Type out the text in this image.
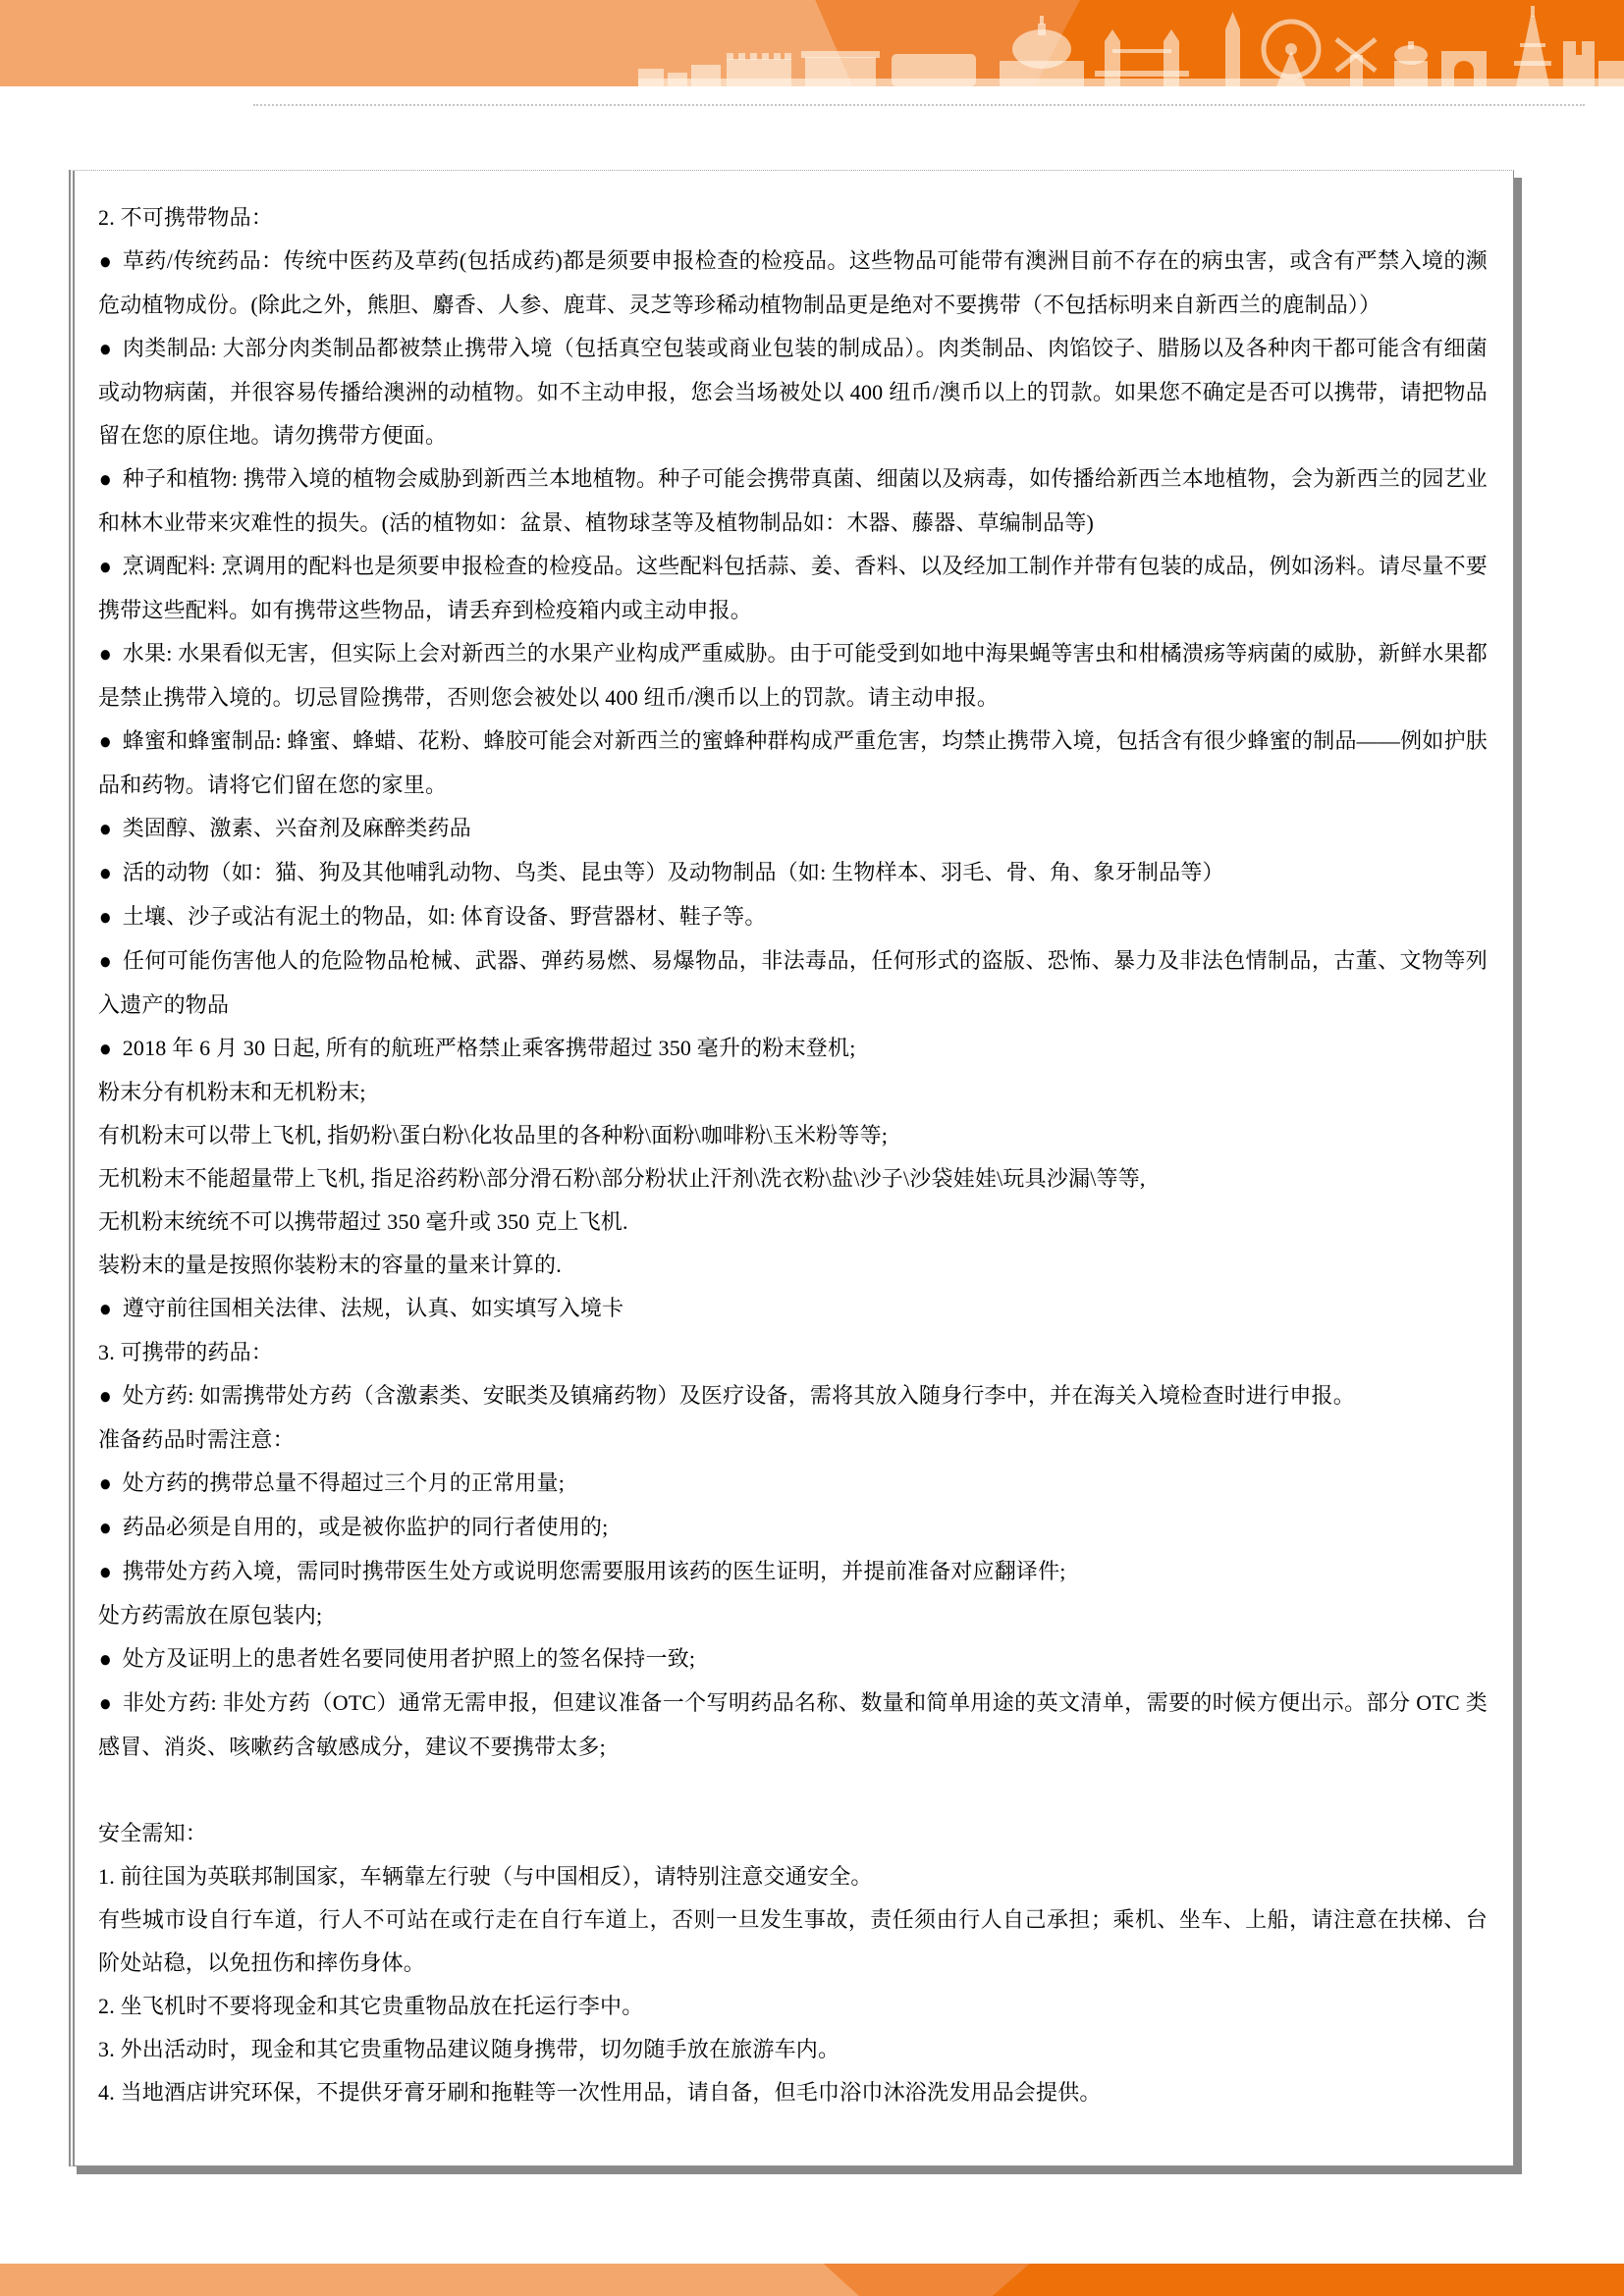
2. 不可携带物品：

● 草药/传统药品：传统中医药及草药(包括成药)都是须要申报检查的检疫品。这些物品可能带有澳洲目前不存在的病虫害，或含有严禁入境的濒危动植物成份。(除此之外，熊胆、麝香、人参、鹿茸、灵芝等珍稀动植物制品更是绝对不要携带（不包括标明来自新西兰的鹿制品））

● 肉类制品: 大部分肉类制品都被禁止携带入境（包括真空包装或商业包装的制成品）。肉类制品、肉馅饺子、腊肠以及各种肉干都可能含有细菌或动物病菌，并很容易传播给澳洲的动植物。如不主动申报，您会当场被处以 400 纽币/澳币以上的罚款。如果您不确定是否可以携带，请把物品留在您的原住地。请勿携带方便面。

● 种子和植物: 携带入境的植物会威胁到新西兰本地植物。种子可能会携带真菌、细菌以及病毒，如传播给新西兰本地植物，会为新西兰的园艺业和林木业带来灾难性的损失。(活的植物如：盆景、植物球茎等及植物制品如：木器、藤器、草编制品等)

● 烹调配料: 烹调用的配料也是须要申报检查的检疫品。这些配料包括蒜、姜、香料、以及经加工制作并带有包装的成品，例如汤料。请尽量不要携带这些配料。如有携带这些物品，请丢弃到检疫箱内或主动申报。

● 水果: 水果看似无害，但实际上会对新西兰的水果产业构成严重威胁。由于可能受到如地中海果蝇等害虫和柑橘溃疡等病菌的威胁，新鲜水果都是禁止携带入境的。切忌冒险携带，否则您会被处以 400 纽币/澳币以上的罚款。请主动申报。

● 蜂蜜和蜂蜜制品: 蜂蜜、蜂蜡、花粉、蜂胶可能会对新西兰的蜜蜂种群构成严重危害，均禁止携带入境，包括含有很少蜂蜜的制品——例如护肤品和药物。请将它们留在您的家里。

● 类固醇、激素、兴奋剂及麻醉类药品

● 活的动物（如：猫、狗及其他哺乳动物、鸟类、昆虫等）及动物制品（如: 生物样本、羽毛、骨、角、象牙制品等）

● 土壤、沙子或沾有泥土的物品，如: 体育设备、野营器材、鞋子等。

● 任何可能伤害他人的危险物品枪械、武器、弹药易燃、易爆物品，非法毒品，任何形式的盗版、恐怖、暴力及非法色情制品，古董、文物等列入遗产的物品

● 2018 年 6 月 30 日起, 所有的航班严格禁止乘客携带超过 350 毫升的粉末登机;

粉末分有机粉末和无机粉末;

有机粉末可以带上飞机, 指奶粉\蛋白粉\化妆品里的各种粉\面粉\咖啡粉\玉米粉等等;

无机粉末不能超量带上飞机, 指足浴药粉\部分滑石粉\部分粉状止汗剂\洗衣粉\盐\沙子\沙袋娃娃\玩具沙漏\等等,

无机粉末统统不可以携带超过 350 毫升或 350 克上飞机.

装粉末的量是按照你装粉末的容量的量来计算的.

● 遵守前往国相关法律、法规，认真、如实填写入境卡

3. 可携带的药品：

● 处方药: 如需携带处方药（含激素类、安眠类及镇痛药物）及医疗设备，需将其放入随身行李中，并在海关入境检查时进行申报。

准备药品时需注意：

● 处方药的携带总量不得超过三个月的正常用量;

● 药品必须是自用的，或是被你监护的同行者使用的;

● 携带处方药入境，需同时携带医生处方或说明您需要服用该药的医生证明，并提前准备对应翻译件;

处方药需放在原包装内;

● 处方及证明上的患者姓名要同使用者护照上的签名保持一致;

● 非处方药: 非处方药（OTC）通常无需申报，但建议准备一个写明药品名称、数量和简单用途的英文清单，需要的时候方便出示。部分 OTC 类感冒、消炎、咳嗽药含敏感成分，建议不要携带太多;

安全需知：

1. 前往国为英联邦制国家，车辆靠左行驶（与中国相反），请特别注意交通安全。

有些城市设自行车道，行人不可站在或行走在自行车道上，否则一旦发生事故，责任须由行人自己承担；乘机、坐车、上船，请注意在扶梯、台阶处站稳，以免扭伤和摔伤身体。

2. 坐飞机时不要将现金和其它贵重物品放在托运行李中。

3. 外出活动时，现金和其它贵重物品建议随身携带，切勿随手放在旅游车内。

4. 当地酒店讲究环保，不提供牙膏牙刷和拖鞋等一次性用品，请自备，但毛巾浴巾沐浴洗发用品会提供。
